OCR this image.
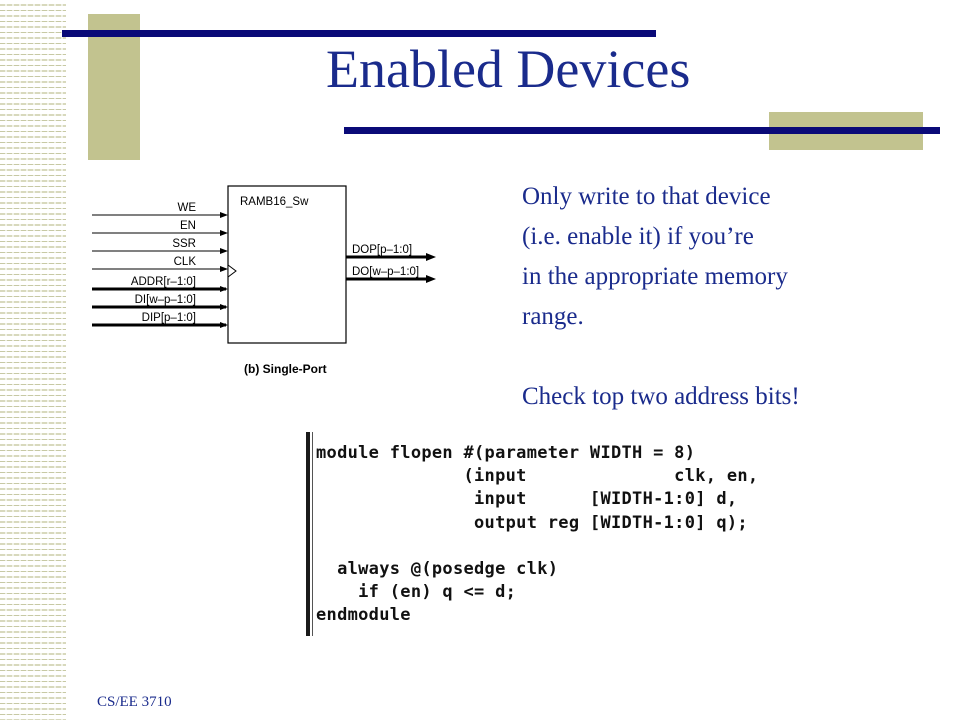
Enabled Devices
RAMB16_Sw
WE
EN
SSR
CLK
ADDR[r–1:0]
DI[w–p–1:0]
DIP[p–1:0]
DOP[p–1:0]
DO[w–p–1:0]
(b) Single-Port
Only write to that device
(i.e. enable it) if you’re
in the appropriate memory
range.
Check top two address bits!
module flopen #(parameter WIDTH = 8)
(input              clk, en,
input      [WIDTH-1:0] d,
output reg [WIDTH-1:0] q);

always @(posedge clk)
if (en) q <= d;
endmodule
CS/EE 3710
